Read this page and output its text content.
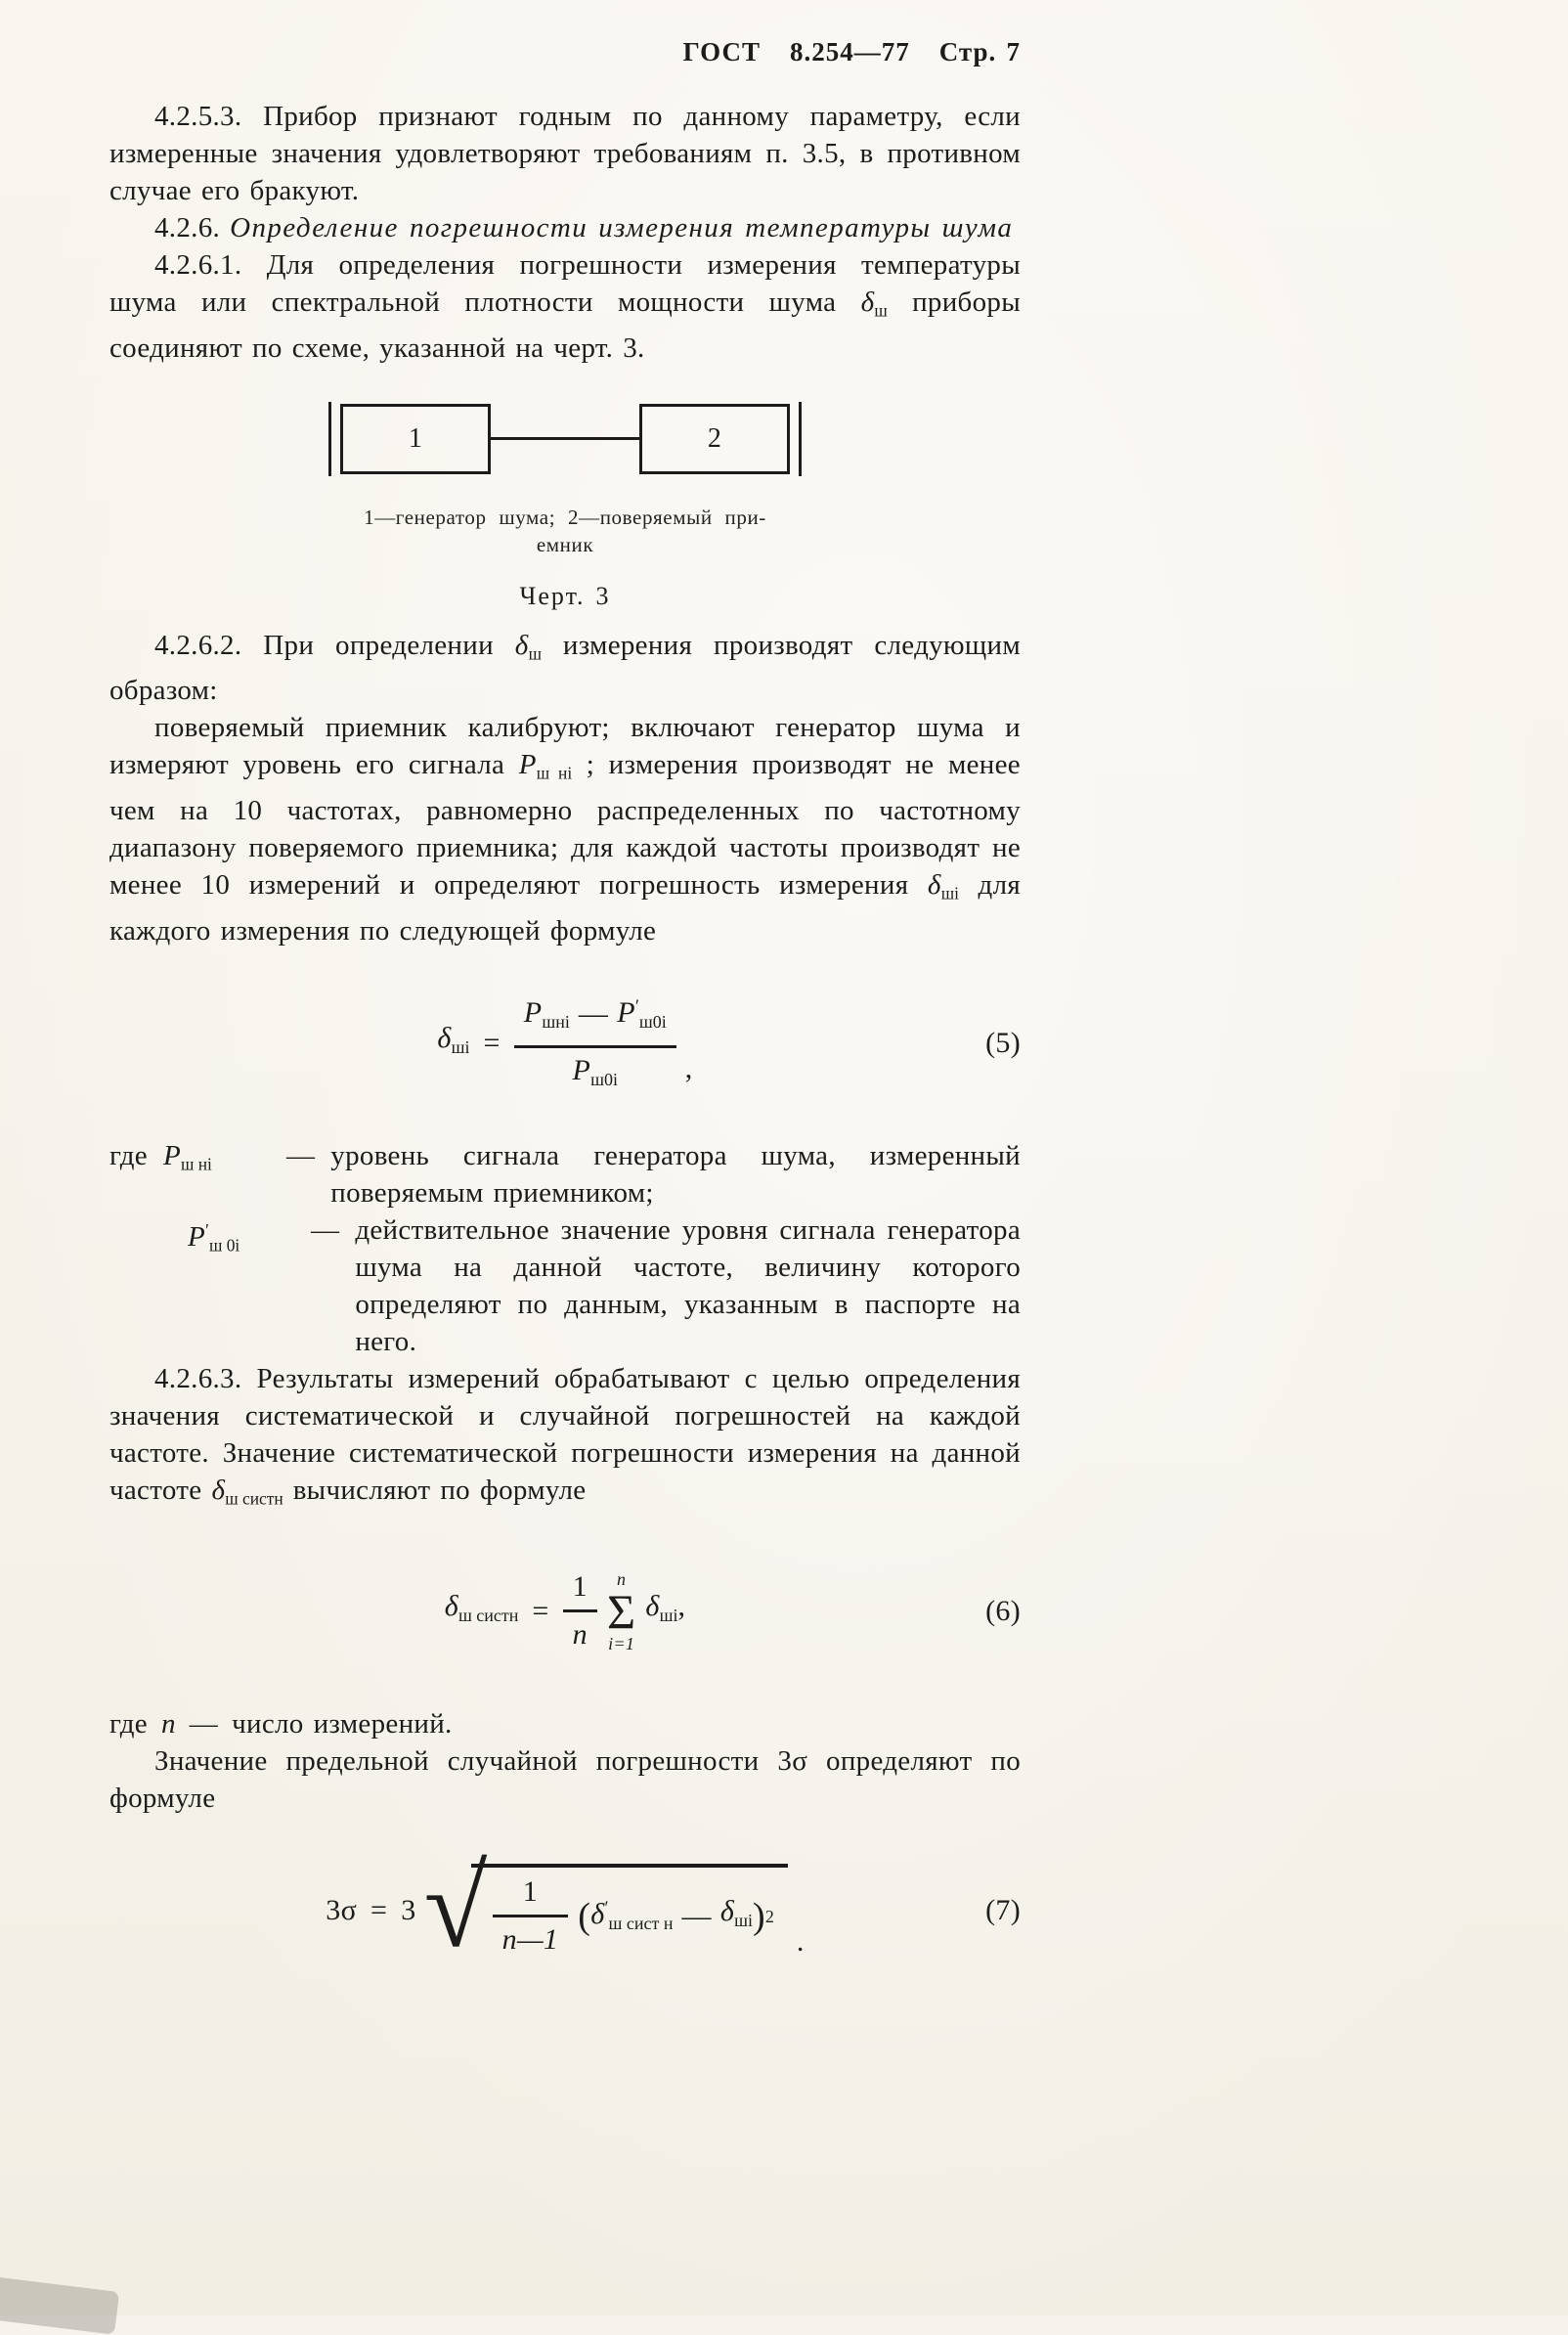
ГОСТ 8.254—77 Стр. 7

4.2.5.3. Прибор признают годным по данному параметру, если измеренные значения удовлетворяют требованиям п. 3.5, в противном случае его бракуют.

4.2.6. Определение погрешности измерения температуры шума

4.2.6.1. Для определения погрешности измерения температуры шума или спектральной плотности мощности шума $\delta_ш$ приборы соединяют по схеме, указанной на черт. 3.

1	2
1—генератор шума; 2—поверяемый при-
емник
Черт. 3

4.2.6.2. При определении $\delta_ш$ измерения производят следующим образом:

поверяемый приемник калибруют; включают генератор шума и измеряют уровень его сигнала $P_{ш нi}$ ; измерения производят не менее чем на 10 частотах, равномерно распределенных по частотному диапазону поверяемого приемника; для каждой частоты производят не менее 10 измерений и определяют погрешность измерения $\delta_{шi}$ для каждого измерения по следующей формуле

$\delta_{шi} = \frac{P_{шнi} — P'_{ш0i}}{P_{ш0i}}$ ,
(5)
где $P_{ш нi}$	— уровень сигнала генератора шума, измеренный поверяемым приемником;
$P'_{ш 0i}$	— действительное значение уровня сигнала генератора шума на данной частоте, величину которого определяют по данным, указанным в паспорте на него.

4.2.6.3. Результаты измерений обрабатывают с целью определения значения систематической и случайной погрешностей на каждой частоте. Значение систематической погрешности измерения на данной частоте $\delta_{ш систн}$ вычисляют по формуле

$\delta_{ш систн} = \frac{1}{n}$ n
Σ
i=1
$\delta_{шi}$,	(6)

где n — число измерений.

Значение предельной случайной погрешности 3σ определяют по формуле

3σ = 3 √ $\frac{1}{n—1}$ ( $\delta'_{ш сист н}$ — $\delta_{шi}$ ) 2
.
(7)
